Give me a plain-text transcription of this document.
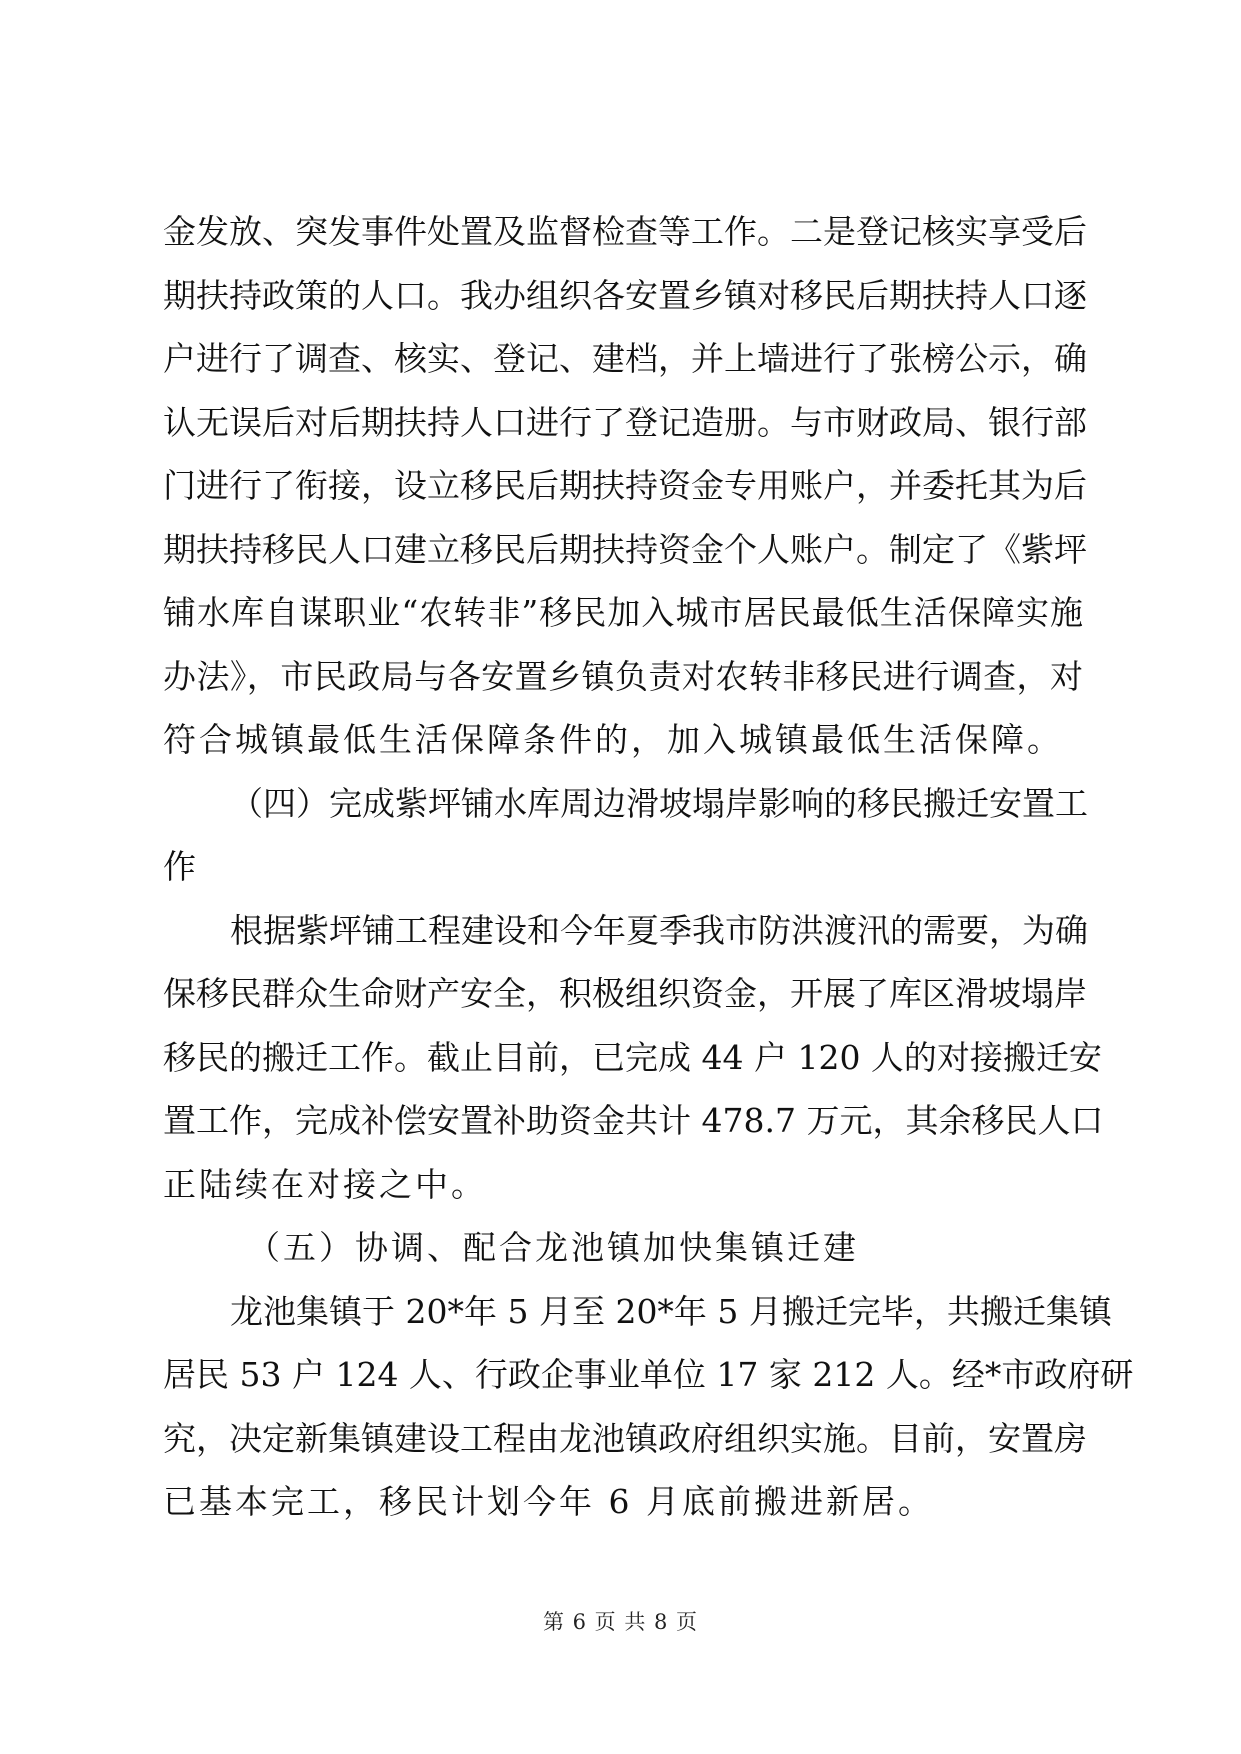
金发放、突发事件处置及监督检查等工作。二是登记核实享受后
期扶持政策的人口。我办组织各安置乡镇对移民后期扶持人口逐
户进行了调查、核实、登记、建档，并上墙进行了张榜公示，确
认无误后对后期扶持人口进行了登记造册。与市财政局、银行部
门进行了衔接，设立移民后期扶持资金专用账户，并委托其为后
期扶持移民人口建立移民后期扶持资金个人账户。制定了《紫坪
铺水库自谋职业“农转非”移民加入城市居民最低生活保障实施
办法》，市民政局与各安置乡镇负责对农转非移民进行调查，对
符合城镇最低生活保障条件的，加入城镇最低生活保障。
（四）完成紫坪铺水库周边滑坡塌岸影响的移民搬迁安置工
作
根据紫坪铺工程建设和今年夏季我市防洪渡汛的需要，为确
保移民群众生命财产安全，积极组织资金，开展了库区滑坡塌岸
移民的搬迁工作。截止目前，已完成 44 户 120 人的对接搬迁安
置工作，完成补偿安置补助资金共计 478.7 万元，其余移民人口
正陆续在对接之中。
（五）协调、配合龙池镇加快集镇迁建
龙池集镇于 20*年 5 月至 20*年 5 月搬迁完毕，共搬迁集镇
居民 53 户 124 人、行政企事业单位 17 家 212 人。经*市政府研
究，决定新集镇建设工程由龙池镇政府组织实施。目前，安置房
已基本完工，移民计划今年 6 月底前搬进新居。
第 6 页 共 8 页
